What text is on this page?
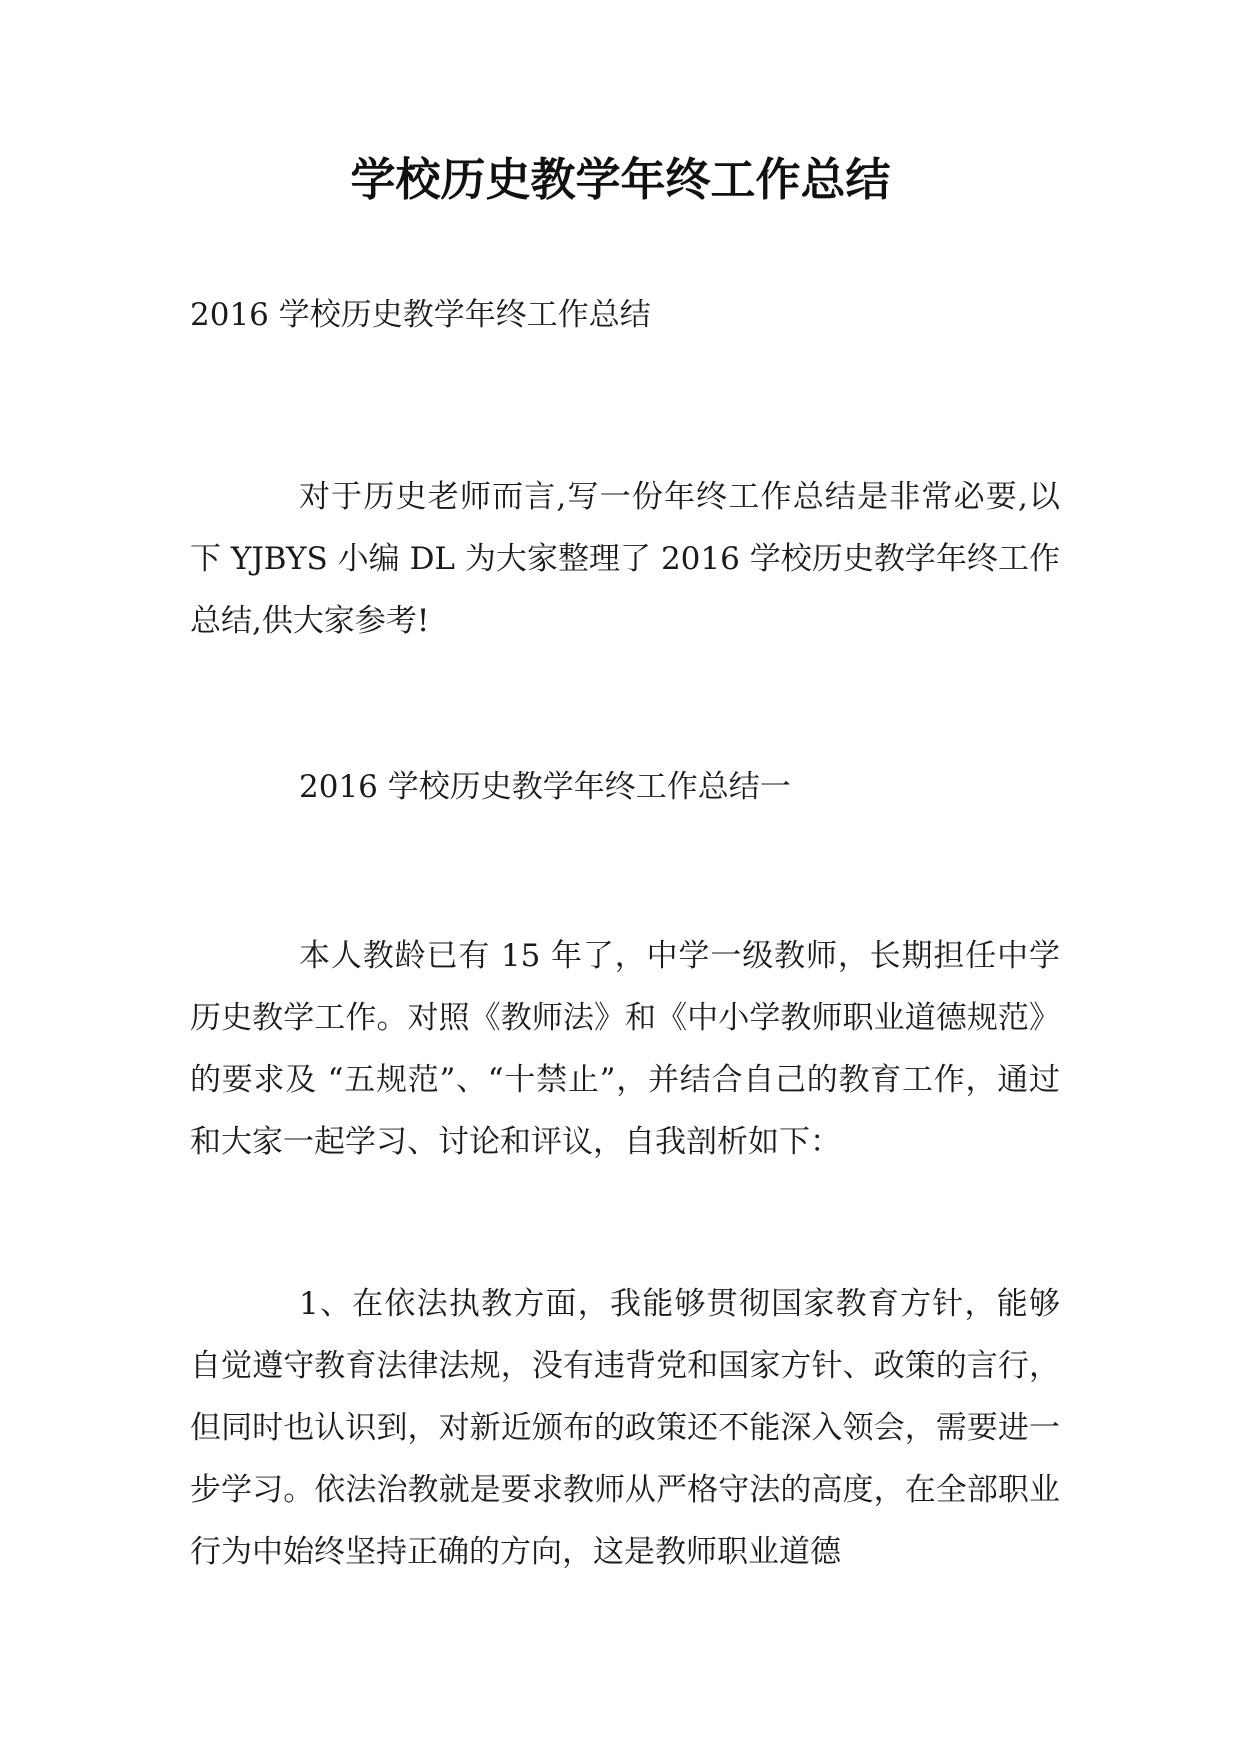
学校历史教学年终工作总结

2016 学校历史教学年终工作总结

对于历史老师而言,写一份年终工作总结是非常必要,以下 YJBYS 小编 DL 为大家整理了 2016 学校历史教学年终工作总结,供大家参考!

2016 学校历史教学年终工作总结一

本人教龄已有 15 年了，中学一级教师，长期担任中学历史教学工作。对照《教师法》和《中小学教师职业道德规范》的要求及 “五规范”、“十禁止”，并结合自己的教育工作，通过和大家一起学习、讨论和评议，自我剖析如下：

1、在依法执教方面，我能够贯彻国家教育方针，能够自觉遵守教育法律法规，没有违背党和国家方针、政策的言行，但同时也认识到，对新近颁布的政策还不能深入领会，需要进一步学习。依法治教就是要求教师从严格守法的高度，在全部职业行为中始终坚持正确的方向，这是教师职业道德
